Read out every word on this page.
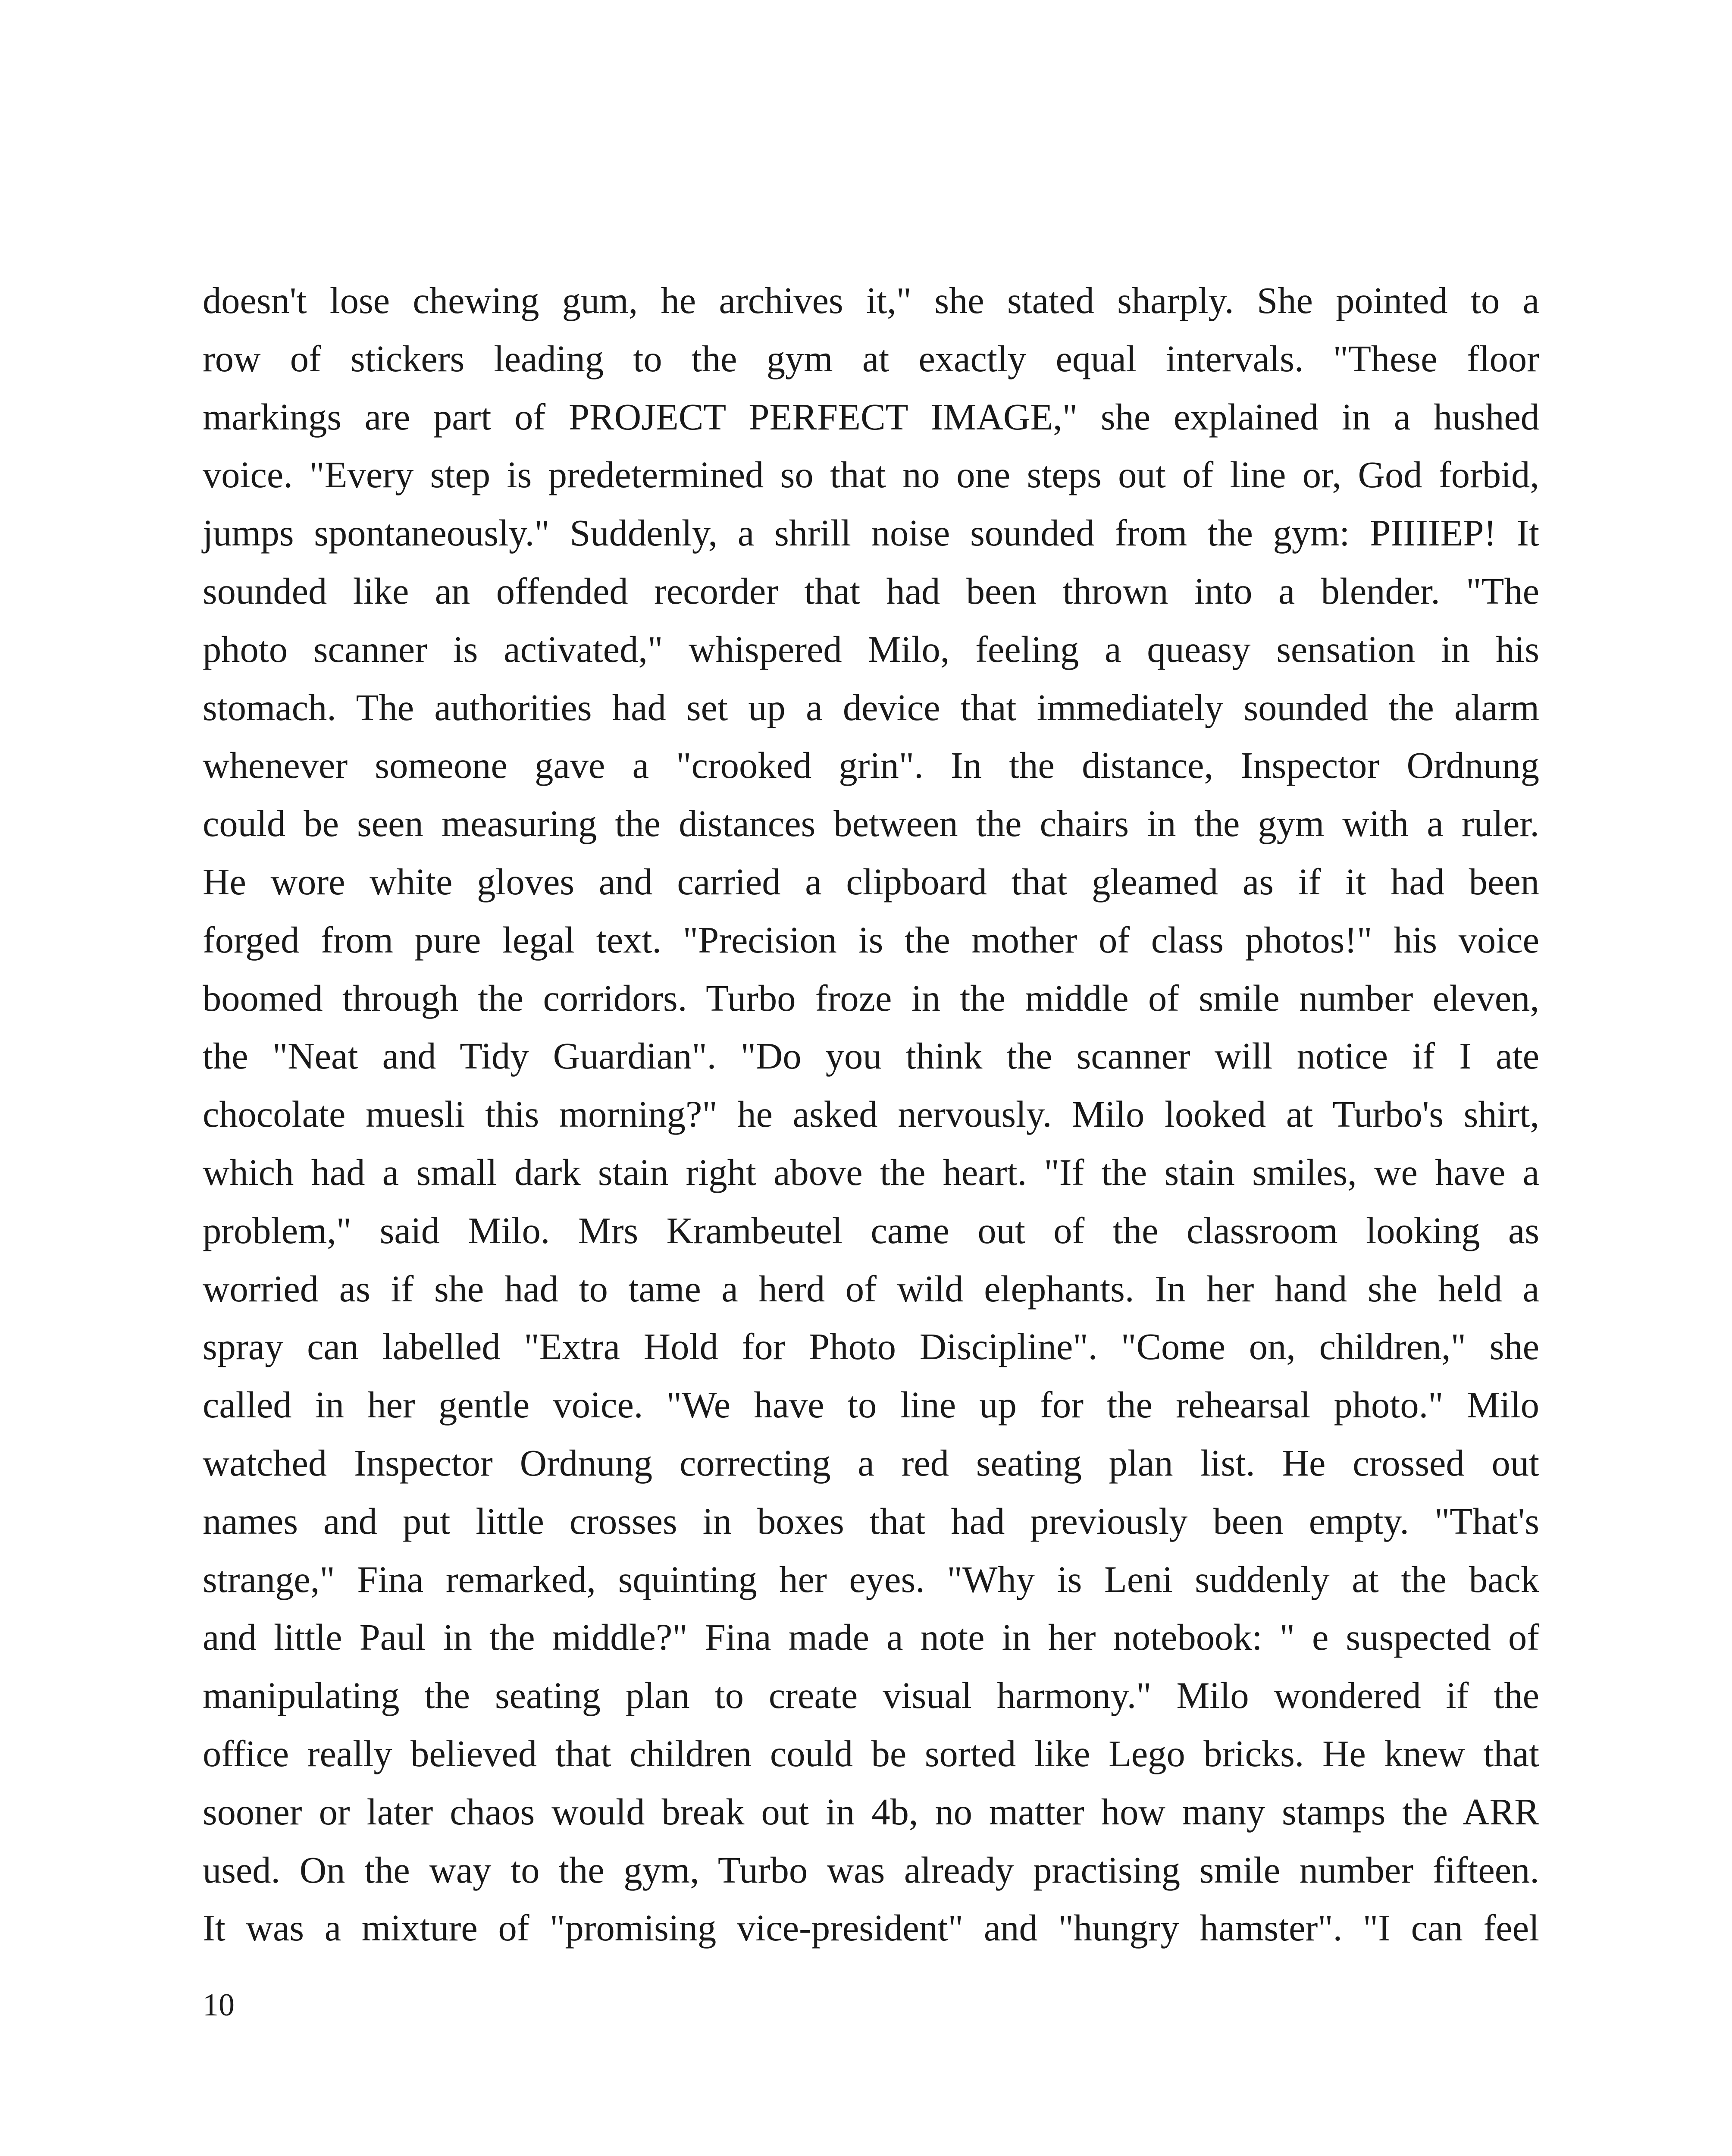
doesn't lose chewing gum, he archives it," she stated sharply. She pointed to a
row of stickers leading to the gym at exactly equal intervals. "These floor
markings are part of PROJECT PERFECT IMAGE," she explained in a hushed
voice. "Every step is predetermined so that no one steps out of line or, God forbid,
jumps spontaneously." Suddenly, a shrill noise sounded from the gym: PIIIIEP! It
sounded like an offended recorder that had been thrown into a blender. "The
photo scanner is activated," whispered Milo, feeling a queasy sensation in his
stomach. The authorities had set up a device that immediately sounded the alarm
whenever someone gave a "crooked grin". In the distance, Inspector Ordnung
could be seen measuring the distances between the chairs in the gym with a ruler.
He wore white gloves and carried a clipboard that gleamed as if it had been
forged from pure legal text. "Precision is the mother of class photos!" his voice
boomed through the corridors. Turbo froze in the middle of smile number eleven,
the "Neat and Tidy Guardian". "Do you think the scanner will notice if I ate
chocolate muesli this morning?" he asked nervously. Milo looked at Turbo's shirt,
which had a small dark stain right above the heart. "If the stain smiles, we have a
problem," said Milo. Mrs Krambeutel came out of the classroom looking as
worried as if she had to tame a herd of wild elephants. In her hand she held a
spray can labelled "Extra Hold for Photo Discipline". "Come on, children," she
called in her gentle voice. "We have to line up for the rehearsal photo." Milo
watched Inspector Ordnung correcting a red seating plan list. He crossed out
names and put little crosses in boxes that had previously been empty. "That's
strange," Fina remarked, squinting her eyes. "Why is Leni suddenly at the back
and little Paul in the middle?" Fina made a note in her notebook: " e suspected of
manipulating the seating plan to create visual harmony." Milo wondered if the
office really believed that children could be sorted like Lego bricks. He knew that
sooner or later chaos would break out in 4b, no matter how many stamps the ARR
used. On the way to the gym, Turbo was already practising smile number fifteen.
It was a mixture of "promising vice-president" and "hungry hamster". "I can feel

10
